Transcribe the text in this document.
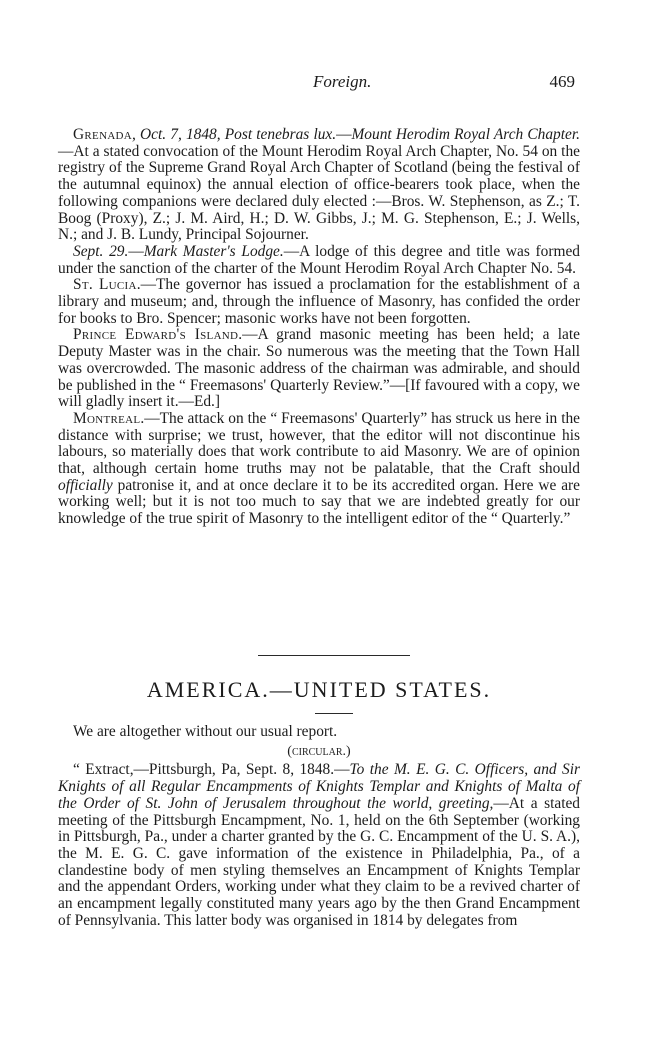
Foreign.	469

Grenada, Oct. 7, 1848, Post tenebras lux.—Mount Herodim Royal Arch Chapter.—At a stated convocation of the Mount Herodim Royal Arch Chapter, No. 54 on the registry of the Supreme Grand Royal Arch Chapter of Scotland (being the festival of the autumnal equinox) the annual election of office-bearers took place, when the following companions were declared duly elected :—Bros. W. Stephenson, as Z.; T. Boog (Proxy), Z.; J. M. Aird, H.; D. W. Gibbs, J.; M. G. Stephenson, E.; J. Wells, N.; and J. B. Lundy, Principal Sojourner.

Sept. 29.—Mark Master's Lodge.—A lodge of this degree and title was formed under the sanction of the charter of the Mount Herodim Royal Arch Chapter No. 54.

St. Lucia.—The governor has issued a proclamation for the establishment of a library and museum; and, through the influence of Masonry, has confided the order for books to Bro. Spencer; masonic works have not been forgotten.

Prince Edward's Island.—A grand masonic meeting has been held; a late Deputy Master was in the chair. So numerous was the meeting that the Town Hall was overcrowded. The masonic address of the chairman was admirable, and should be published in the “ Freemasons' Quarterly Review.”—[If favoured with a copy, we will gladly insert it.—Ed.]

Montreal.—The attack on the “ Freemasons' Quarterly” has struck us here in the distance with surprise; we trust, however, that the editor will not discontinue his labours, so materially does that work contribute to aid Masonry. We are of opinion that, although certain home truths may not be palatable, that the Craft should officially patronise it, and at once declare it to be its accredited organ. Here we are working well; but it is not too much to say that we are indebted greatly for our knowledge of the true spirit of Masonry to the intelligent editor of the “ Quarterly.”

AMERICA.—UNITED STATES.

We are altogether without our usual report.

(circular.)

“ Extract,—Pittsburgh, Pa, Sept. 8, 1848.—To the M. E. G. C. Officers, and Sir Knights of all Regular Encampments of Knights Templar and Knights of Malta of the Order of St. John of Jerusalem throughout the world, greeting,—At a stated meeting of the Pittsburgh Encampment, No. 1, held on the 6th September (working in Pittsburgh, Pa., under a charter granted by the G. C. Encampment of the U. S. A.), the M. E. G. C. gave information of the existence in Philadelphia, Pa., of a clandestine body of men styling themselves an Encampment of Knights Templar and the appendant Orders, working under what they claim to be a revived charter of an encampment legally constituted many years ago by the then Grand Encampment of Pennsylvania. This latter body was organised in 1814 by delegates from
